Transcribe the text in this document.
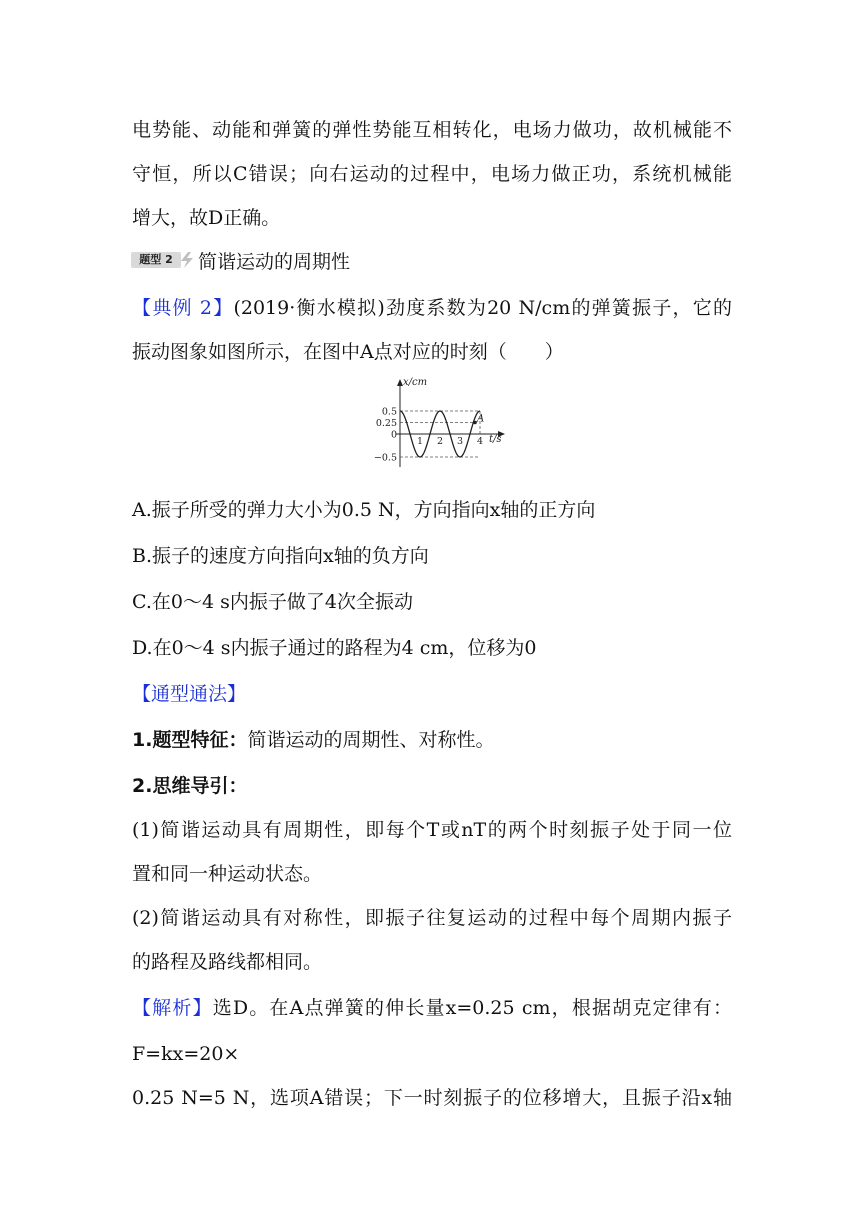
电势能、动能和弹簧的弹性势能互相转化，电场力做功，故机械能不
守恒，所以C错误；向右运动的过程中，电场力做正功，系统机械能
增大，故D正确。
题型 2	简谐运动的周期性
【典例 2】(2019·衡水模拟)劲度系数为20 N/cm的弹簧振子，它的
振动图象如图所示，在图中A点对应的时刻（　　）
A
x/cm
t/s
0.5
0.25
0
−0.5
1 2 3 4
A.振子所受的弹力大小为0.5 N，方向指向x轴的正方向
B.振子的速度方向指向x轴的负方向
C.在0～4 s内振子做了4次全振动
D.在0～4 s内振子通过的路程为4 cm，位移为0
【通型通法】
1.题型特征：简谐运动的周期性、对称性。
2.思维导引：
(1)简谐运动具有周期性，即每个T或nT的两个时刻振子处于同一位
置和同一种运动状态。
(2)简谐运动具有对称性，即振子往复运动的过程中每个周期内振子
的路程及路线都相同。
【解析】选D。在A点弹簧的伸长量x=0.25 cm，根据胡克定律有：
F=kx=20×
0.25 N=5 N，选项A错误；下一时刻振子的位移增大，且振子沿x轴
